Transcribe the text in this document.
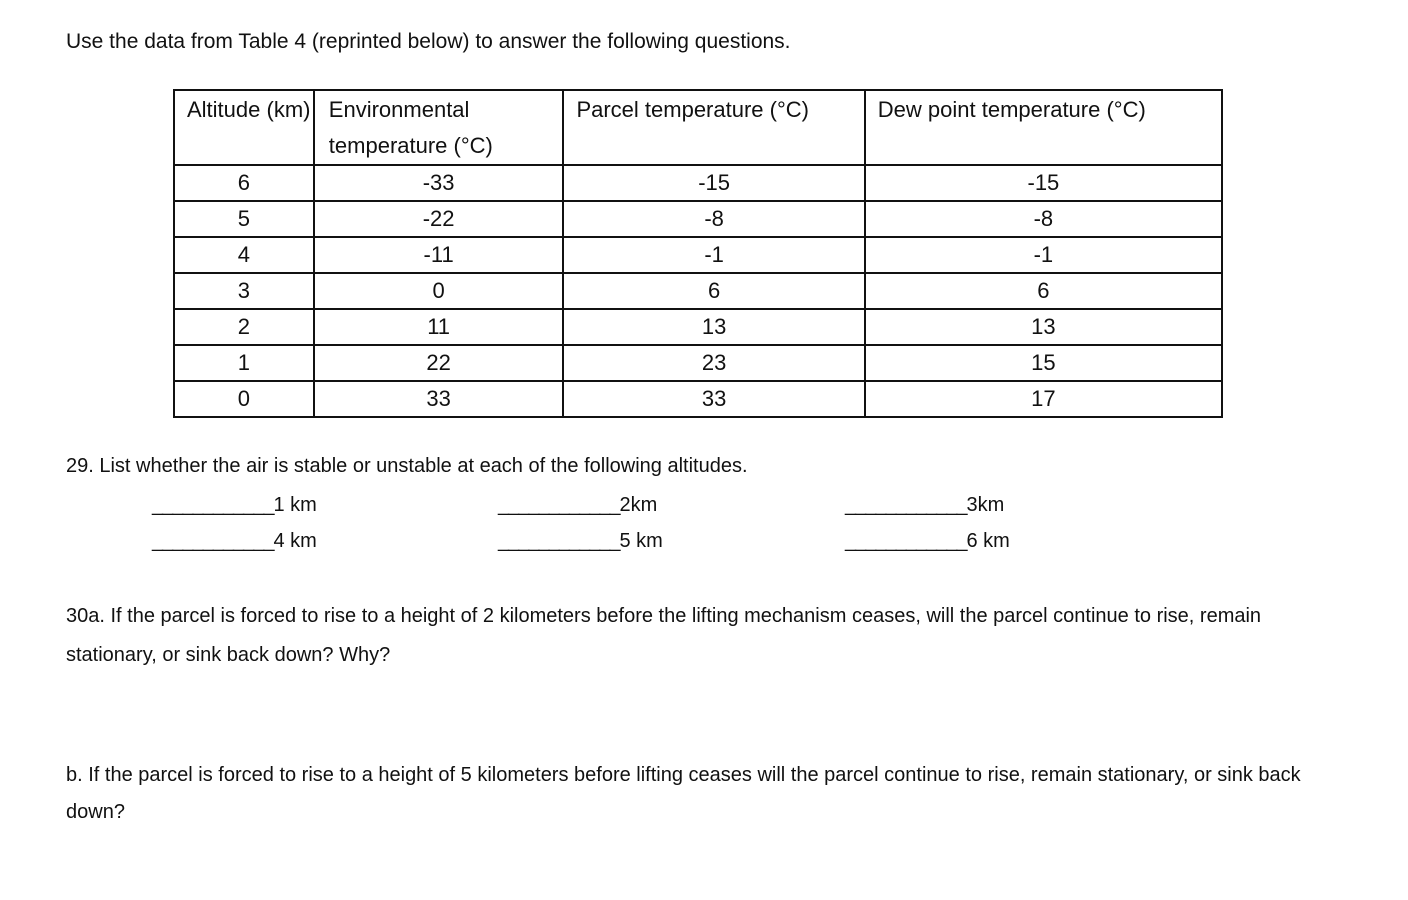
Use the data from Table 4 (reprinted below) to answer the following questions.
Altitude (km)	Environmental temperature (°C)	Parcel temperature (°C)	Dew point temperature (°C)
6	-33	-15	-15
5	-22	-8	-8
4	-11	-1	-1
3	0	6	6
2	11	13	13
1	22	23	15
0	33	33	17
29. List whether the air is stable or unstable at each of the following altitudes.
____________1 km	____________2km	____________3km
____________4 km	____________5 km	____________6 km
30a. If the parcel is forced to rise to a height of 2 kilometers before the lifting mechanism ceases, will the parcel continue to rise, remain stationary, or sink back down? Why?
b. If the parcel is forced to rise to a height of 5 kilometers before lifting ceases will the parcel continue to rise, remain stationary, or sink back down?
